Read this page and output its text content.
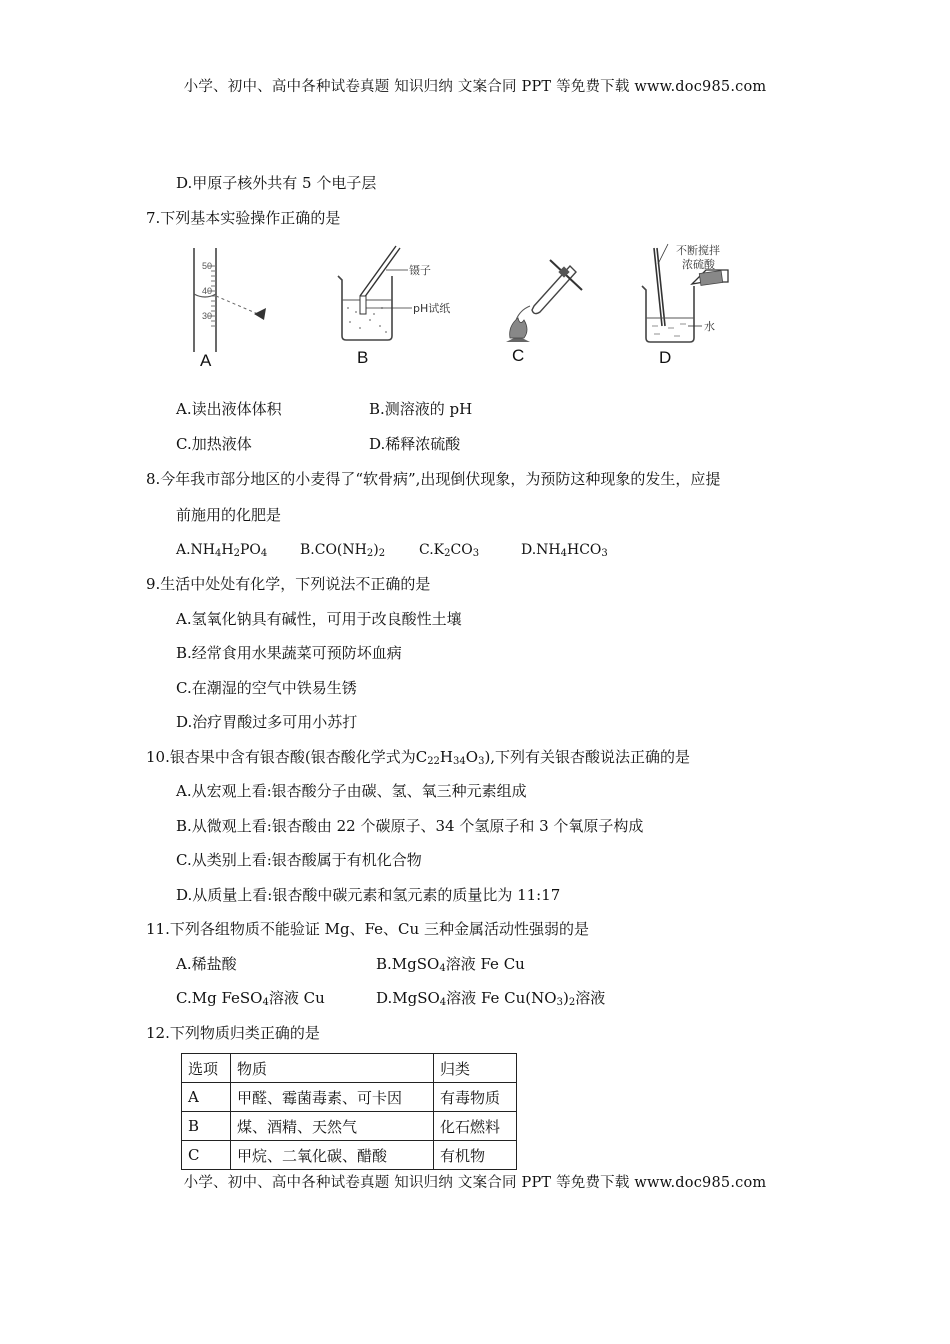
小学、初中、高中各种试卷真题 知识归纳 文案合同 PPT 等免费下载 www.doc985.com
D.甲原子核外共有 5 个电子层
7.下列基本实验操作正确的是
50
40
30
A
镊子
pH试纸
B	C
不断搅拌
浓硫酸
水
D
A.读出液体体积	B.测溶液的 pH
C.加热液体	D.稀释浓硫酸
8.今年我市部分地区的小麦得了“软骨病”,出现倒伏现象，为预防这种现象的发生，应提
前施用的化肥是
$A.NH_4H_2PO_4$ $B.CO(NH_2)_2$ $C.K_2CO_3$	$D.NH_4HCO_3$
9.生活中处处有化学，下列说法不正确的是
A.氢氧化钠具有碱性，可用于改良酸性土壤
B.经常食用水果蔬菜可预防坏血病
C.在潮湿的空气中铁易生锈
D.治疗胃酸过多可用小苏打
10.银杏果中含有银杏酸(银杏酸化学式为$C_{22}H_{34}O_3$),下列有关银杏酸说法正确的是
A.从宏观上看:银杏酸分子由碳、氢、氧三种元素组成
B.从微观上看:银杏酸由 22 个碳原子、34 个氢原子和 3 个氧原子构成
C.从类别上看:银杏酸属于有机化合物
D.从质量上看:银杏酸中碳元素和氢元素的质量比为 11:17
11.下列各组物质不能验证 Mg、Fe、Cu 三种金属活动性强弱的是
A.稀盐酸	B.MgSO$_4$溶液 Fe Cu
C.Mg FeSO$_4$溶液 Cu	D.MgSO$_4$溶液 Fe $Cu(NO_3)_2$溶液
12.下列物质归类正确的是
选项	物质	归类
A	甲醛、霉菌毒素、可卡因	有毒物质
B	煤、酒精、天然气	化石燃料
C	甲烷、二氧化碳、醋酸	有机物
小学、初中、高中各种试卷真题 知识归纳 文案合同 PPT 等免费下载 www.doc985.com
